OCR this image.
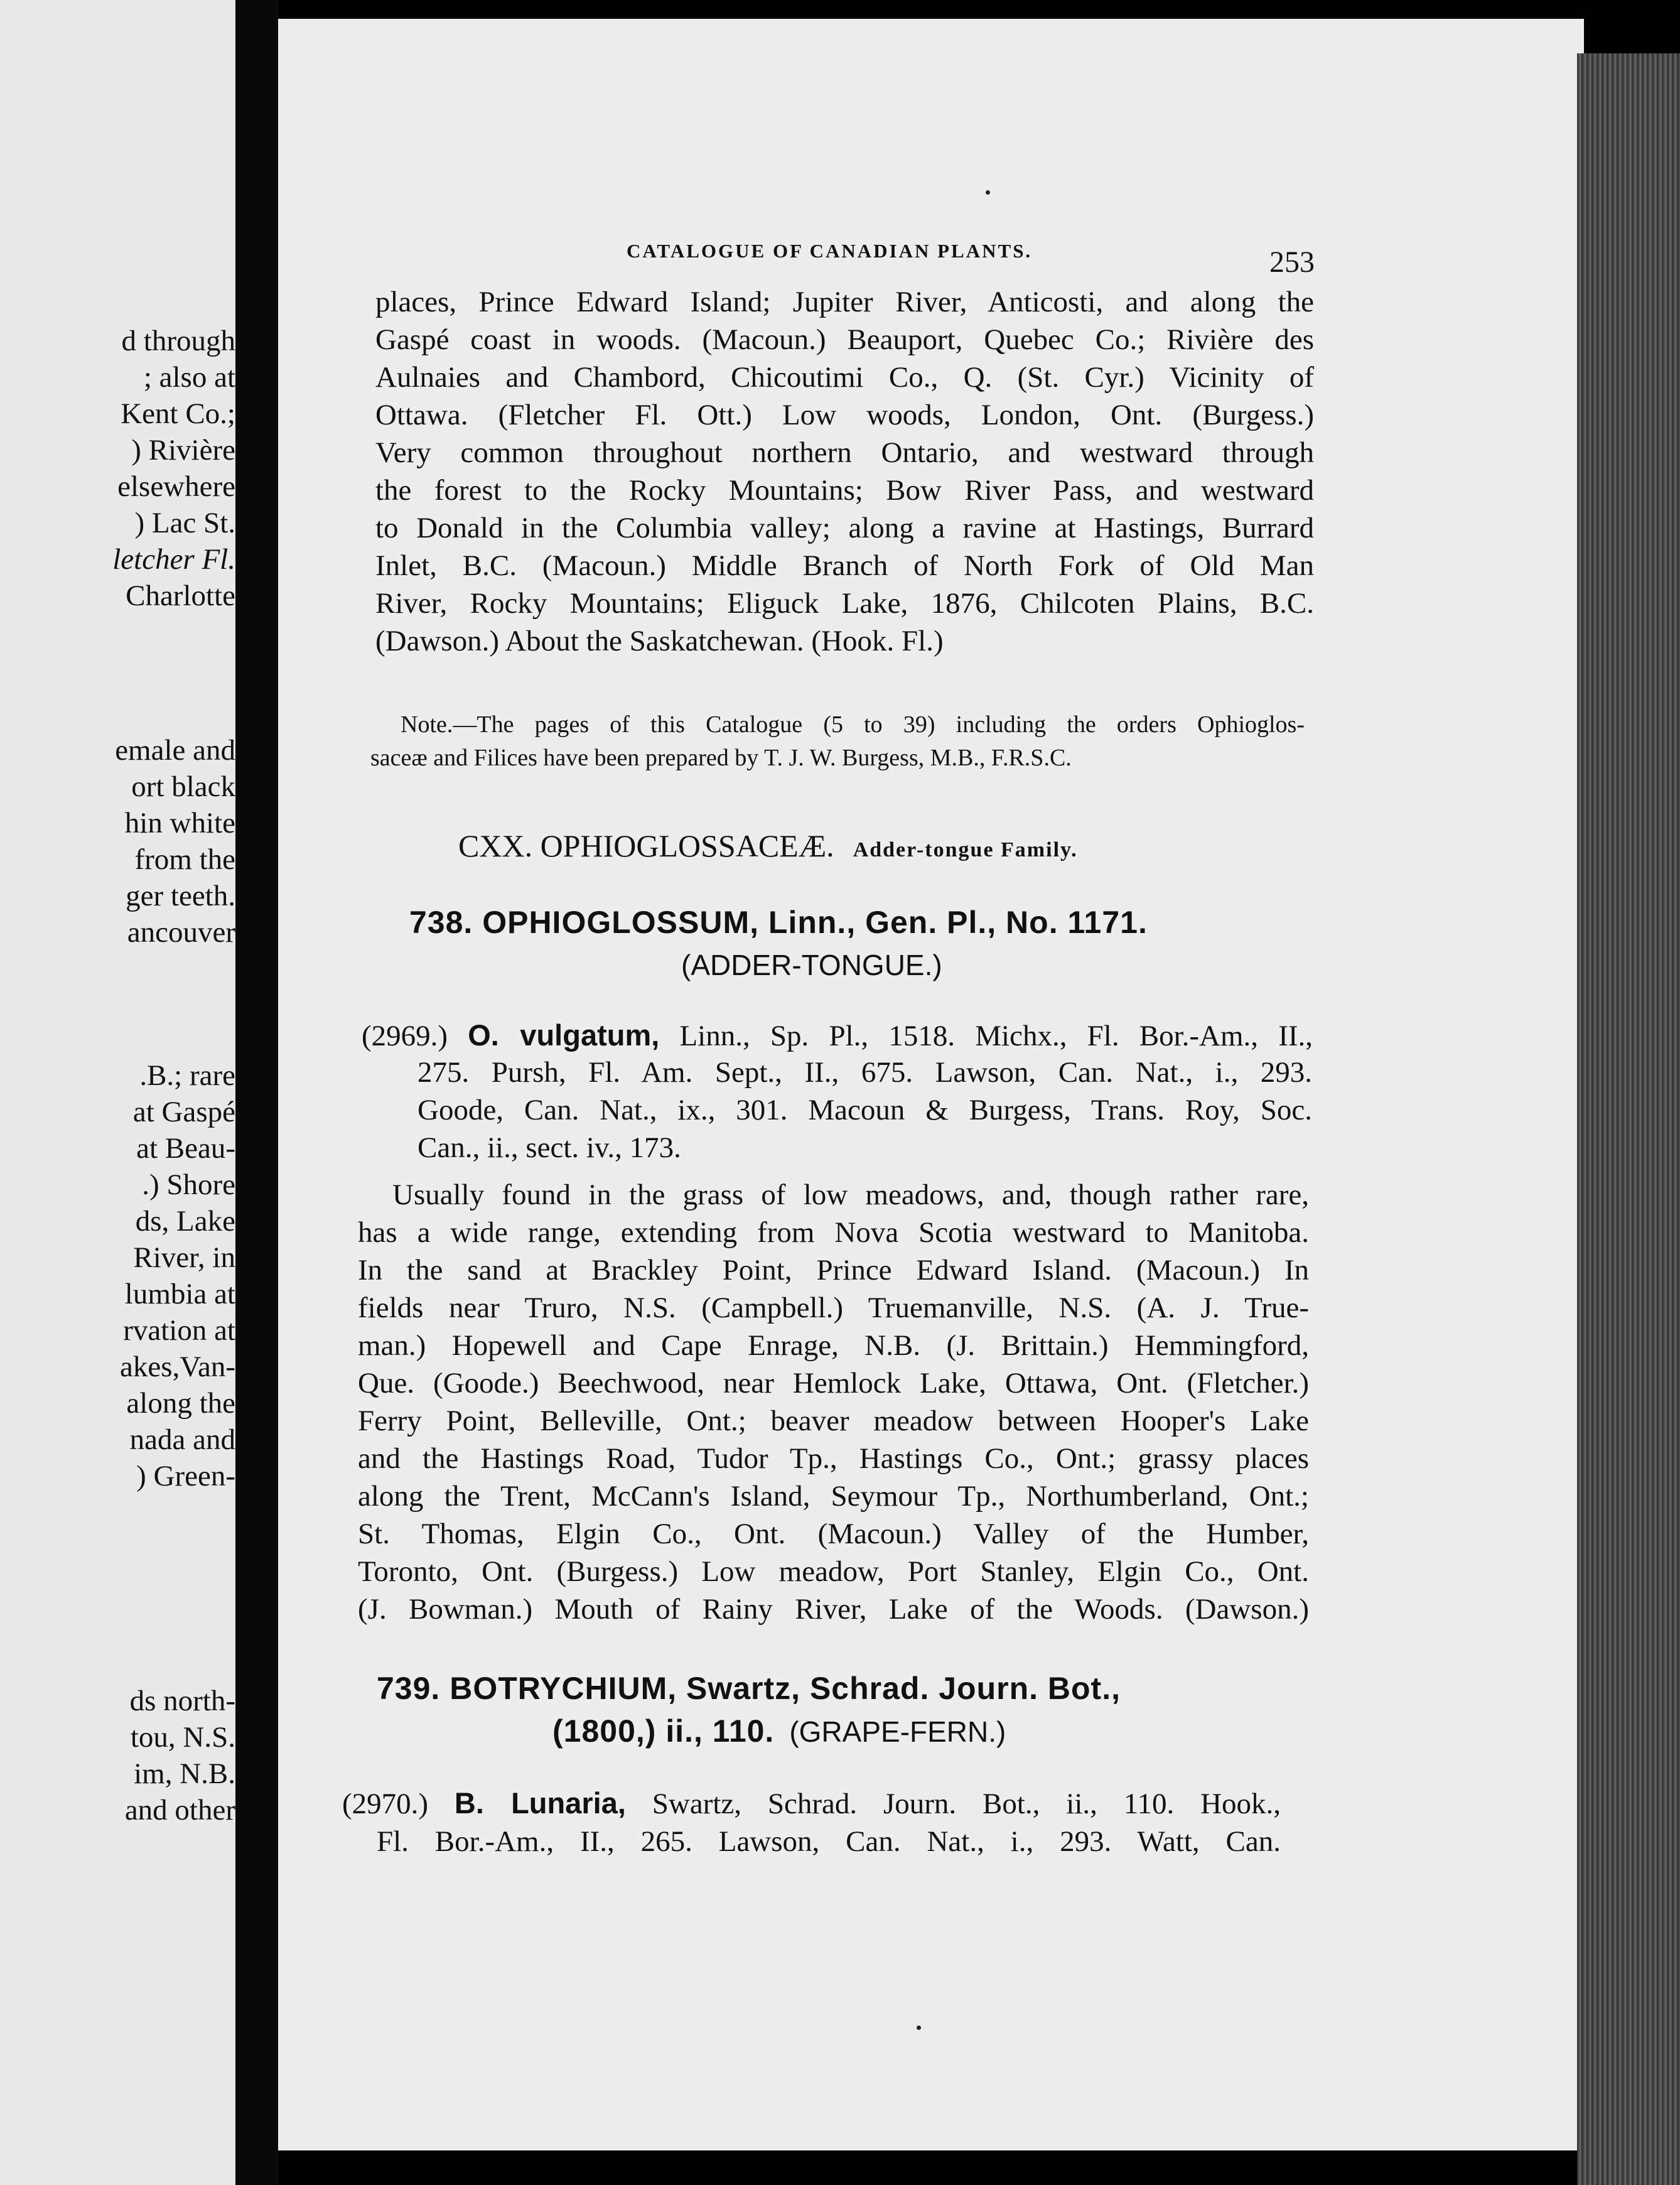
d through
; also at
Kent Co.;
) Rivière
elsewhere
) Lac St.
letcher Fl.
Charlotte
emale and
ort black
hin white
from the
ger teeth.
ancouver
.B.; rare
at Gaspé
at Beau-
.) Shore
ds, Lake
River, in
lumbia at
rvation at
akes,Van-
along the
nada and
) Green-
ds north-
tou, N.S.
im, N.B.
and other
CATALOGUE OF CANADIAN PLANTS.	253
places, Prince Edward Island; Jupiter River, Anticosti, and along the
Gaspé coast in woods. (Macoun.) Beauport, Quebec Co.; Rivière des
Aulnaies and Chambord, Chicoutimi Co., Q. (St. Cyr.) Vicinity of
Ottawa. (Fletcher Fl. Ott.) Low woods, London, Ont. (Burgess.)
Very common throughout northern Ontario, and westward through
the forest to the Rocky Mountains; Bow River Pass, and westward
to Donald in the Columbia valley; along a ravine at Hastings, Burrard
Inlet, B.C. (Macoun.) Middle Branch of North Fork of Old Man
River, Rocky Mountains; Eliguck Lake, 1876, Chilcoten Plains, B.C.
(Dawson.) About the Saskatchewan. (Hook. Fl.)
Note.—The pages of this Catalogue (5 to 39) including the orders Ophioglos-
saceæ and Filices have been prepared by T. J. W. Burgess, M.B., F.R.S.C.
CXX. OPHIOGLOSSACEÆ. Adder-tongue Family.
738. OPHIOGLOSSUM, Linn., Gen. Pl., No. 1171.
(ADDER-TONGUE.)
(2969.) O. vulgatum, Linn., Sp. Pl., 1518. Michx., Fl. Bor.-Am., II.,
275. Pursh, Fl. Am. Sept., II., 675. Lawson, Can. Nat., i., 293.
Goode, Can. Nat., ix., 301. Macoun & Burgess, Trans. Roy, Soc.
Can., ii., sect. iv., 173.
Usually found in the grass of low meadows, and, though rather rare,
has a wide range, extending from Nova Scotia westward to Manitoba.
In the sand at Brackley Point, Prince Edward Island. (Macoun.) In
fields near Truro, N.S. (Campbell.) Truemanville, N.S. (A. J. True-
man.) Hopewell and Cape Enrage, N.B. (J. Brittain.) Hemmingford,
Que. (Goode.) Beechwood, near Hemlock Lake, Ottawa, Ont. (Fletcher.)
Ferry Point, Belleville, Ont.; beaver meadow between Hooper's Lake
and the Hastings Road, Tudor Tp., Hastings Co., Ont.; grassy places
along the Trent, McCann's Island, Seymour Tp., Northumberland, Ont.;
St. Thomas, Elgin Co., Ont. (Macoun.) Valley of the Humber,
Toronto, Ont. (Burgess.) Low meadow, Port Stanley, Elgin Co., Ont.
(J. Bowman.) Mouth of Rainy River, Lake of the Woods. (Dawson.)
739. BOTRYCHIUM, Swartz, Schrad. Journ. Bot.,
(1800,) ii., 110. (GRAPE-FERN.)
(2970.) B. Lunaria, Swartz, Schrad. Journ. Bot., ii., 110. Hook.,
Fl. Bor.-Am., II., 265. Lawson, Can. Nat., i., 293. Watt, Can.
